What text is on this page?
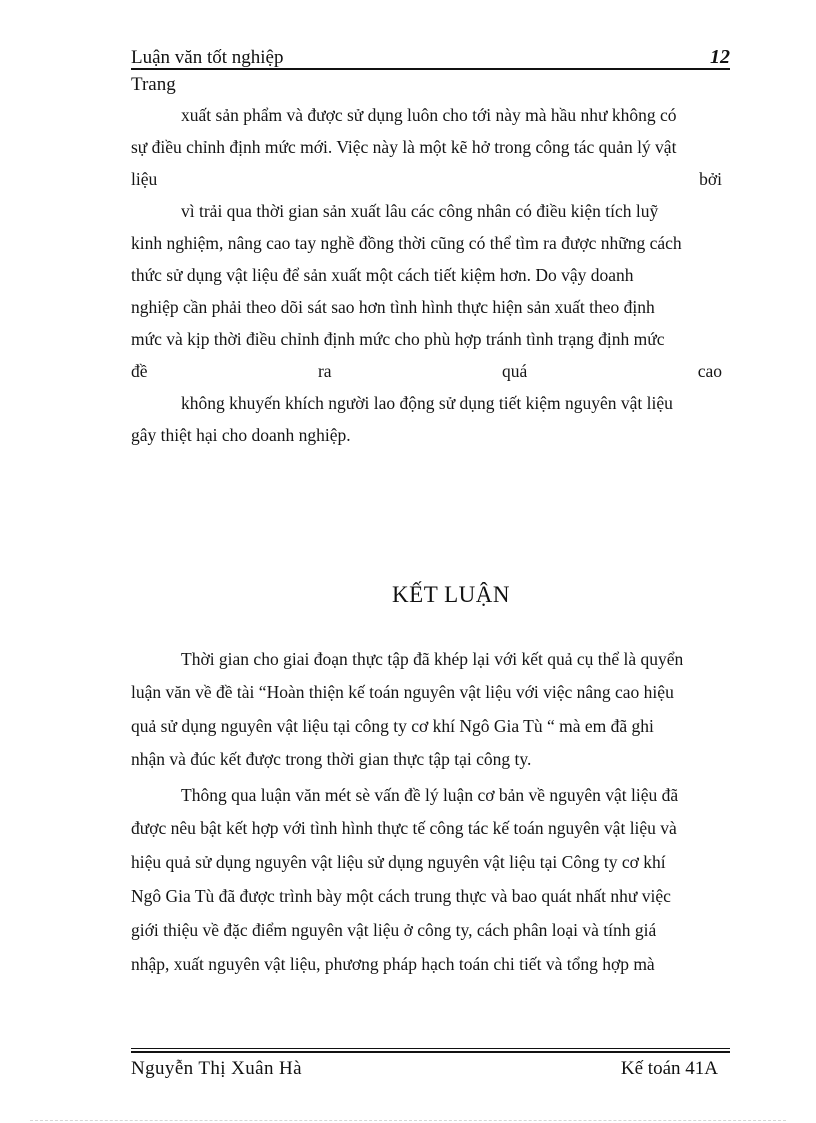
Luận văn tốt nghiệp	12
Trang
xuất sản phẩm và được sử dụng luôn cho tới này mà hầu như không có
sự điều chỉnh định mức mới. Việc này là một kẽ hở trong công tác quản lý vật
liệu	bởi
vì trải qua thời gian sản xuất lâu các công nhân có điều kiện tích luỹ
kinh nghiệm, nâng cao tay nghề đồng thời cũng có thể tìm ra được những cách
thức sử dụng vật liệu để sản xuất một cách tiết kiệm hơn. Do vậy doanh
nghiệp cần phải theo dõi sát sao hơn tình hình thực hiện sản xuất theo định
mức và kịp thời điều chỉnh định mức cho phù hợp tránh tình trạng định mức
đề	ra	quá	cao
không khuyến khích người lao động sử dụng tiết kiệm nguyên vật liệu
gây thiệt hại cho doanh nghiệp.
KẾT LUẬN
Thời gian cho giai đoạn thực tập đã khép lại với kết quả cụ thể là quyển
luận văn về đề tài “Hoàn thiện kế toán nguyên vật liệu với việc nâng cao hiệu
quả sử dụng nguyên vật liệu tại công ty cơ khí Ngô Gia Tù “ mà em đã ghi
nhận và đúc kết được trong thời gian thực tập tại công ty.
Thông qua luận văn mét sè vấn đề lý luận cơ bản về nguyên vật liệu đã
được nêu bật kết hợp với tình hình thực tế công tác kế toán nguyên vật liệu và
hiệu quả sử dụng nguyên vật liệu sử dụng nguyên vật liệu tại Công ty cơ khí
Ngô Gia Tù đã được trình bày một cách trung thực và bao quát nhất như việc
giới thiệu về đặc điểm nguyên vật liệu ở công ty, cách phân loại và tính giá
nhập, xuất nguyên vật liệu, phương pháp hạch toán chi tiết và tổng hợp mà
Nguyễn Thị Xuân Hà	Kế toán 41A
